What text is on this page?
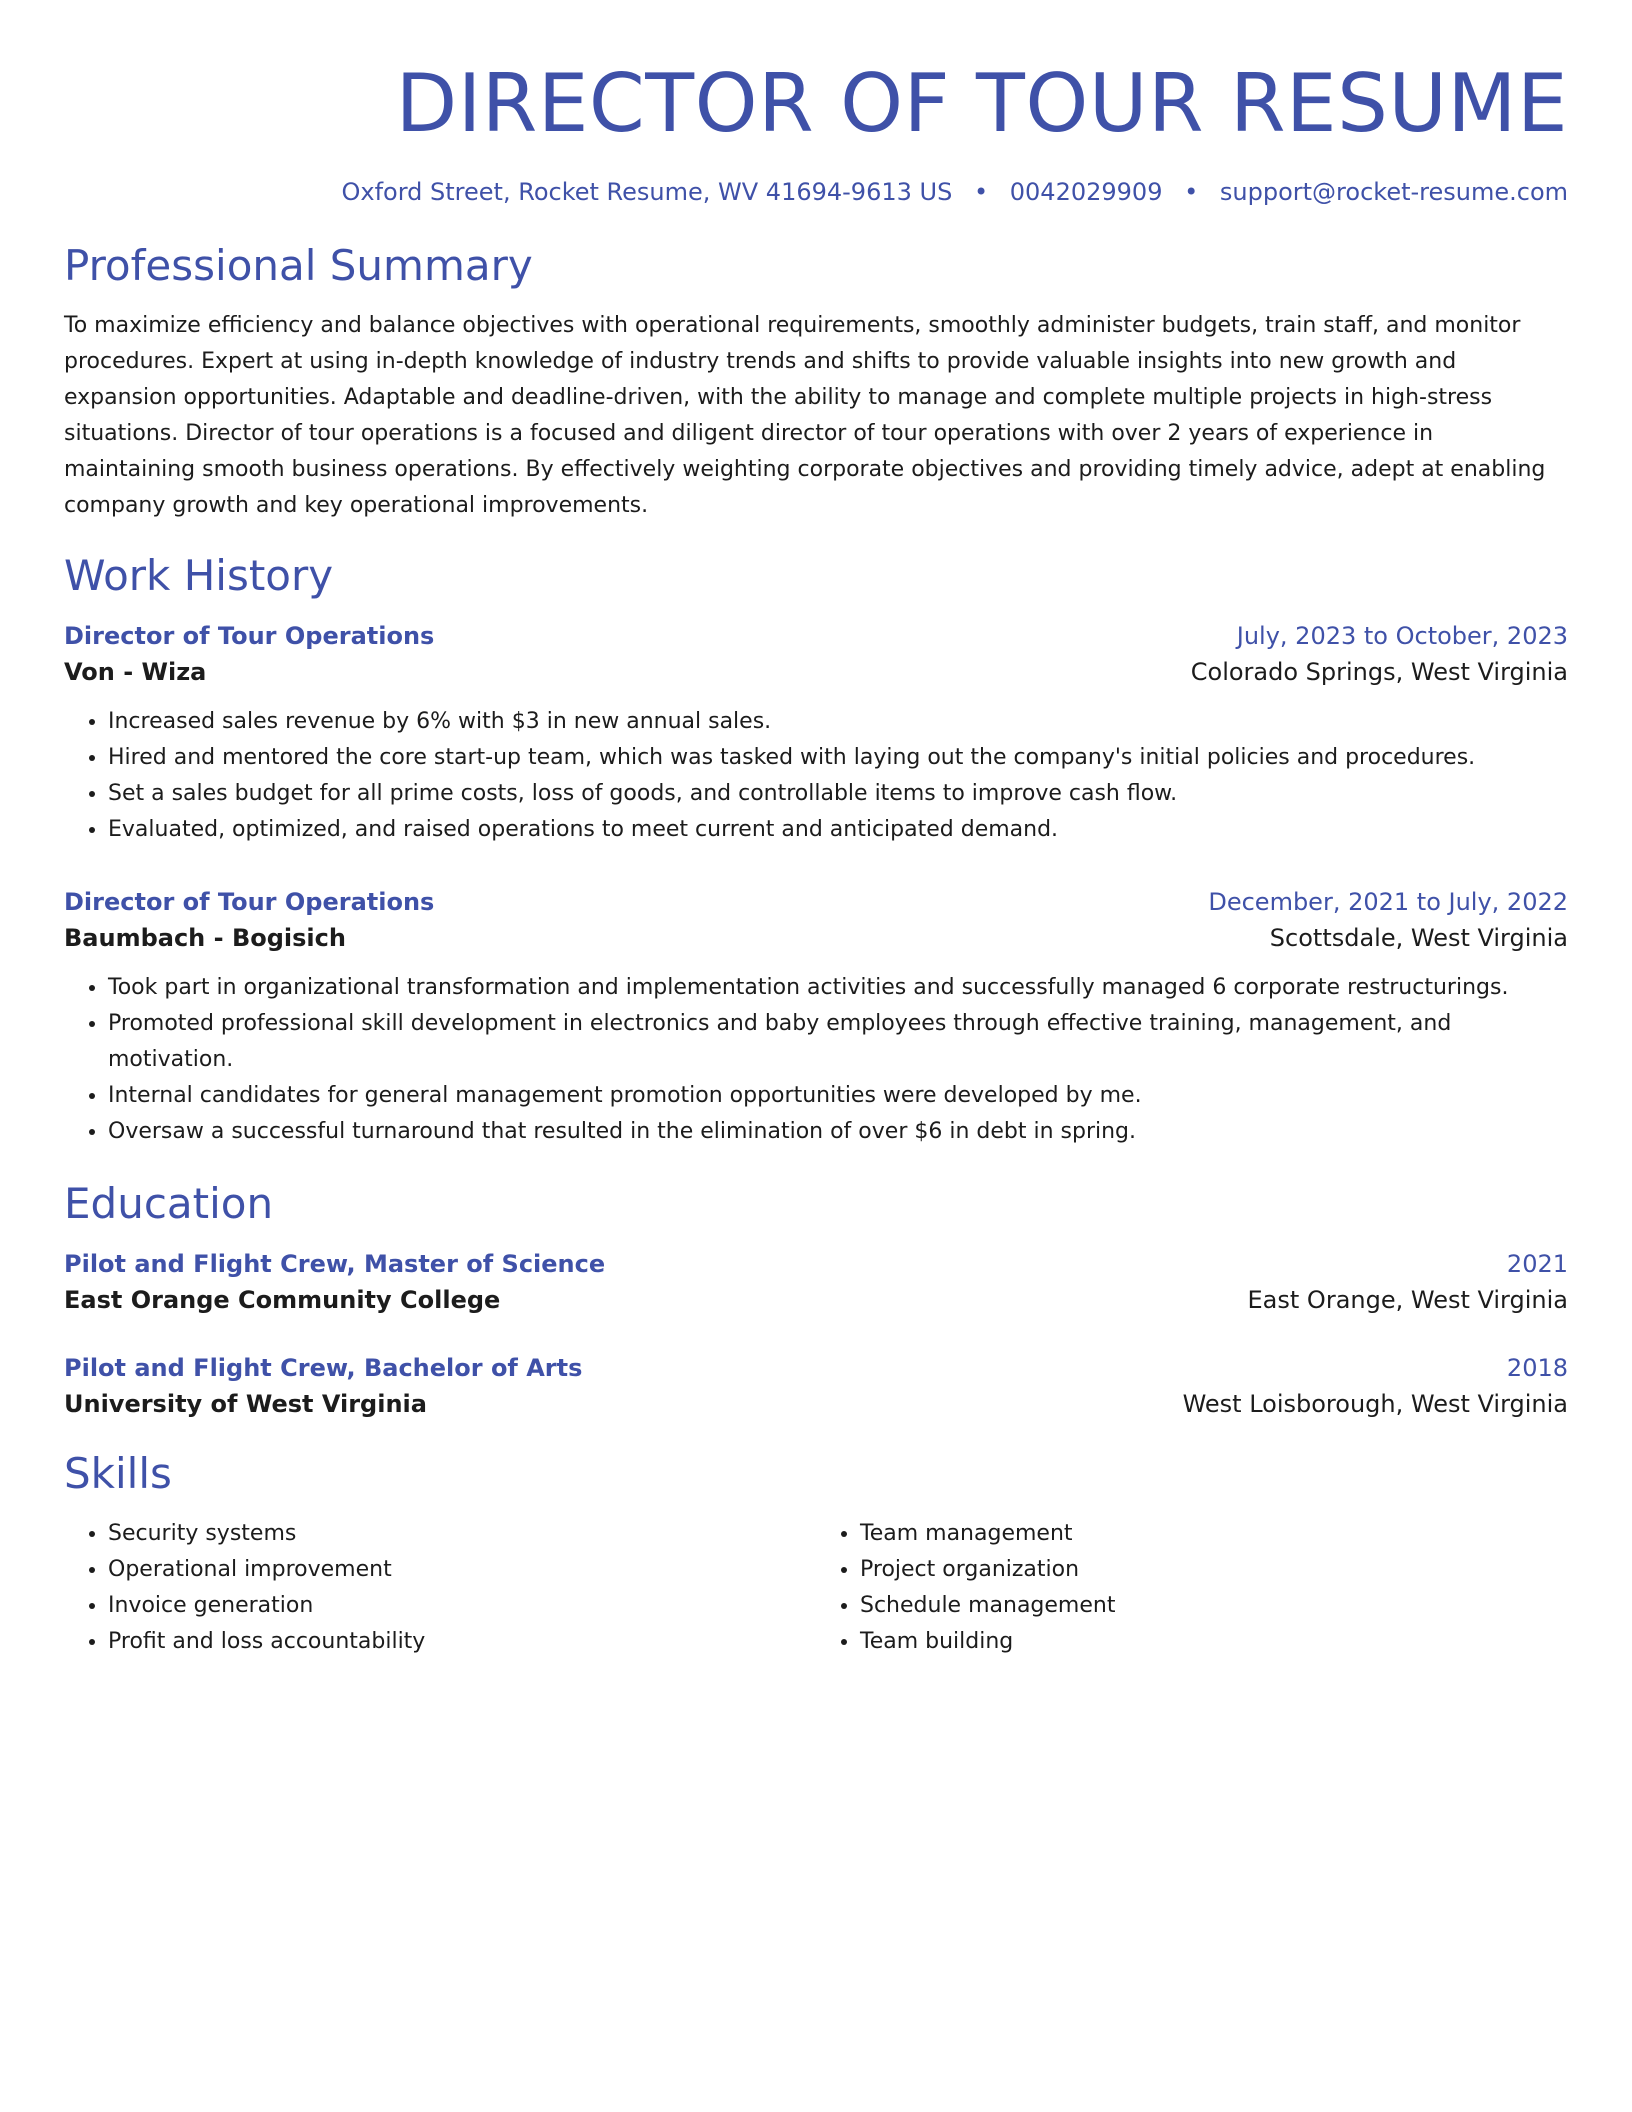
DIRECTOR OF TOUR RESUME
Oxford Street, Rocket Resume, WV 41694-9613 US • 0042029909 • support@rocket-resume.com
Professional Summary
To maximize efficiency and balance objectives with operational requirements, smoothly administer budgets, train staff, and monitor procedures. Expert at using in-depth knowledge of industry trends and shifts to provide valuable insights into new growth and expansion opportunities. Adaptable and deadline-driven, with the ability to manage and complete multiple projects in high-stress situations. Director of tour operations is a focused and diligent director of tour operations with over 2 years of experience in maintaining smooth business operations. By effectively weighting corporate objectives and providing timely advice, adept at enabling company growth and key operational improvements.
Work History
Director of Tour Operations	July, 2023 to October, 2023
Von - Wiza	Colorado Springs, West Virginia
• Increased sales revenue by 6% with $3 in new annual sales.
• Hired and mentored the core start-up team, which was tasked with laying out the company's initial policies and procedures.
• Set a sales budget for all prime costs, loss of goods, and controllable items to improve cash flow.
• Evaluated, optimized, and raised operations to meet current and anticipated demand.
Director of Tour Operations	December, 2021 to July, 2022
Baumbach - Bogisich	Scottsdale, West Virginia
• Took part in organizational transformation and implementation activities and successfully managed 6 corporate restructurings.
• Promoted professional skill development in electronics and baby employees through effective training, management, and motivation.
• Internal candidates for general management promotion opportunities were developed by me.
• Oversaw a successful turnaround that resulted in the elimination of over $6 in debt in spring.
Education
Pilot and Flight Crew, Master of Science	2021
East Orange Community College	East Orange, West Virginia
Pilot and Flight Crew, Bachelor of Arts	2018
University of West Virginia	West Loisborough, West Virginia
Skills
• Security systems
• Operational improvement
• Invoice generation
• Profit and loss accountability
• Team management
• Project organization
• Schedule management
• Team building
